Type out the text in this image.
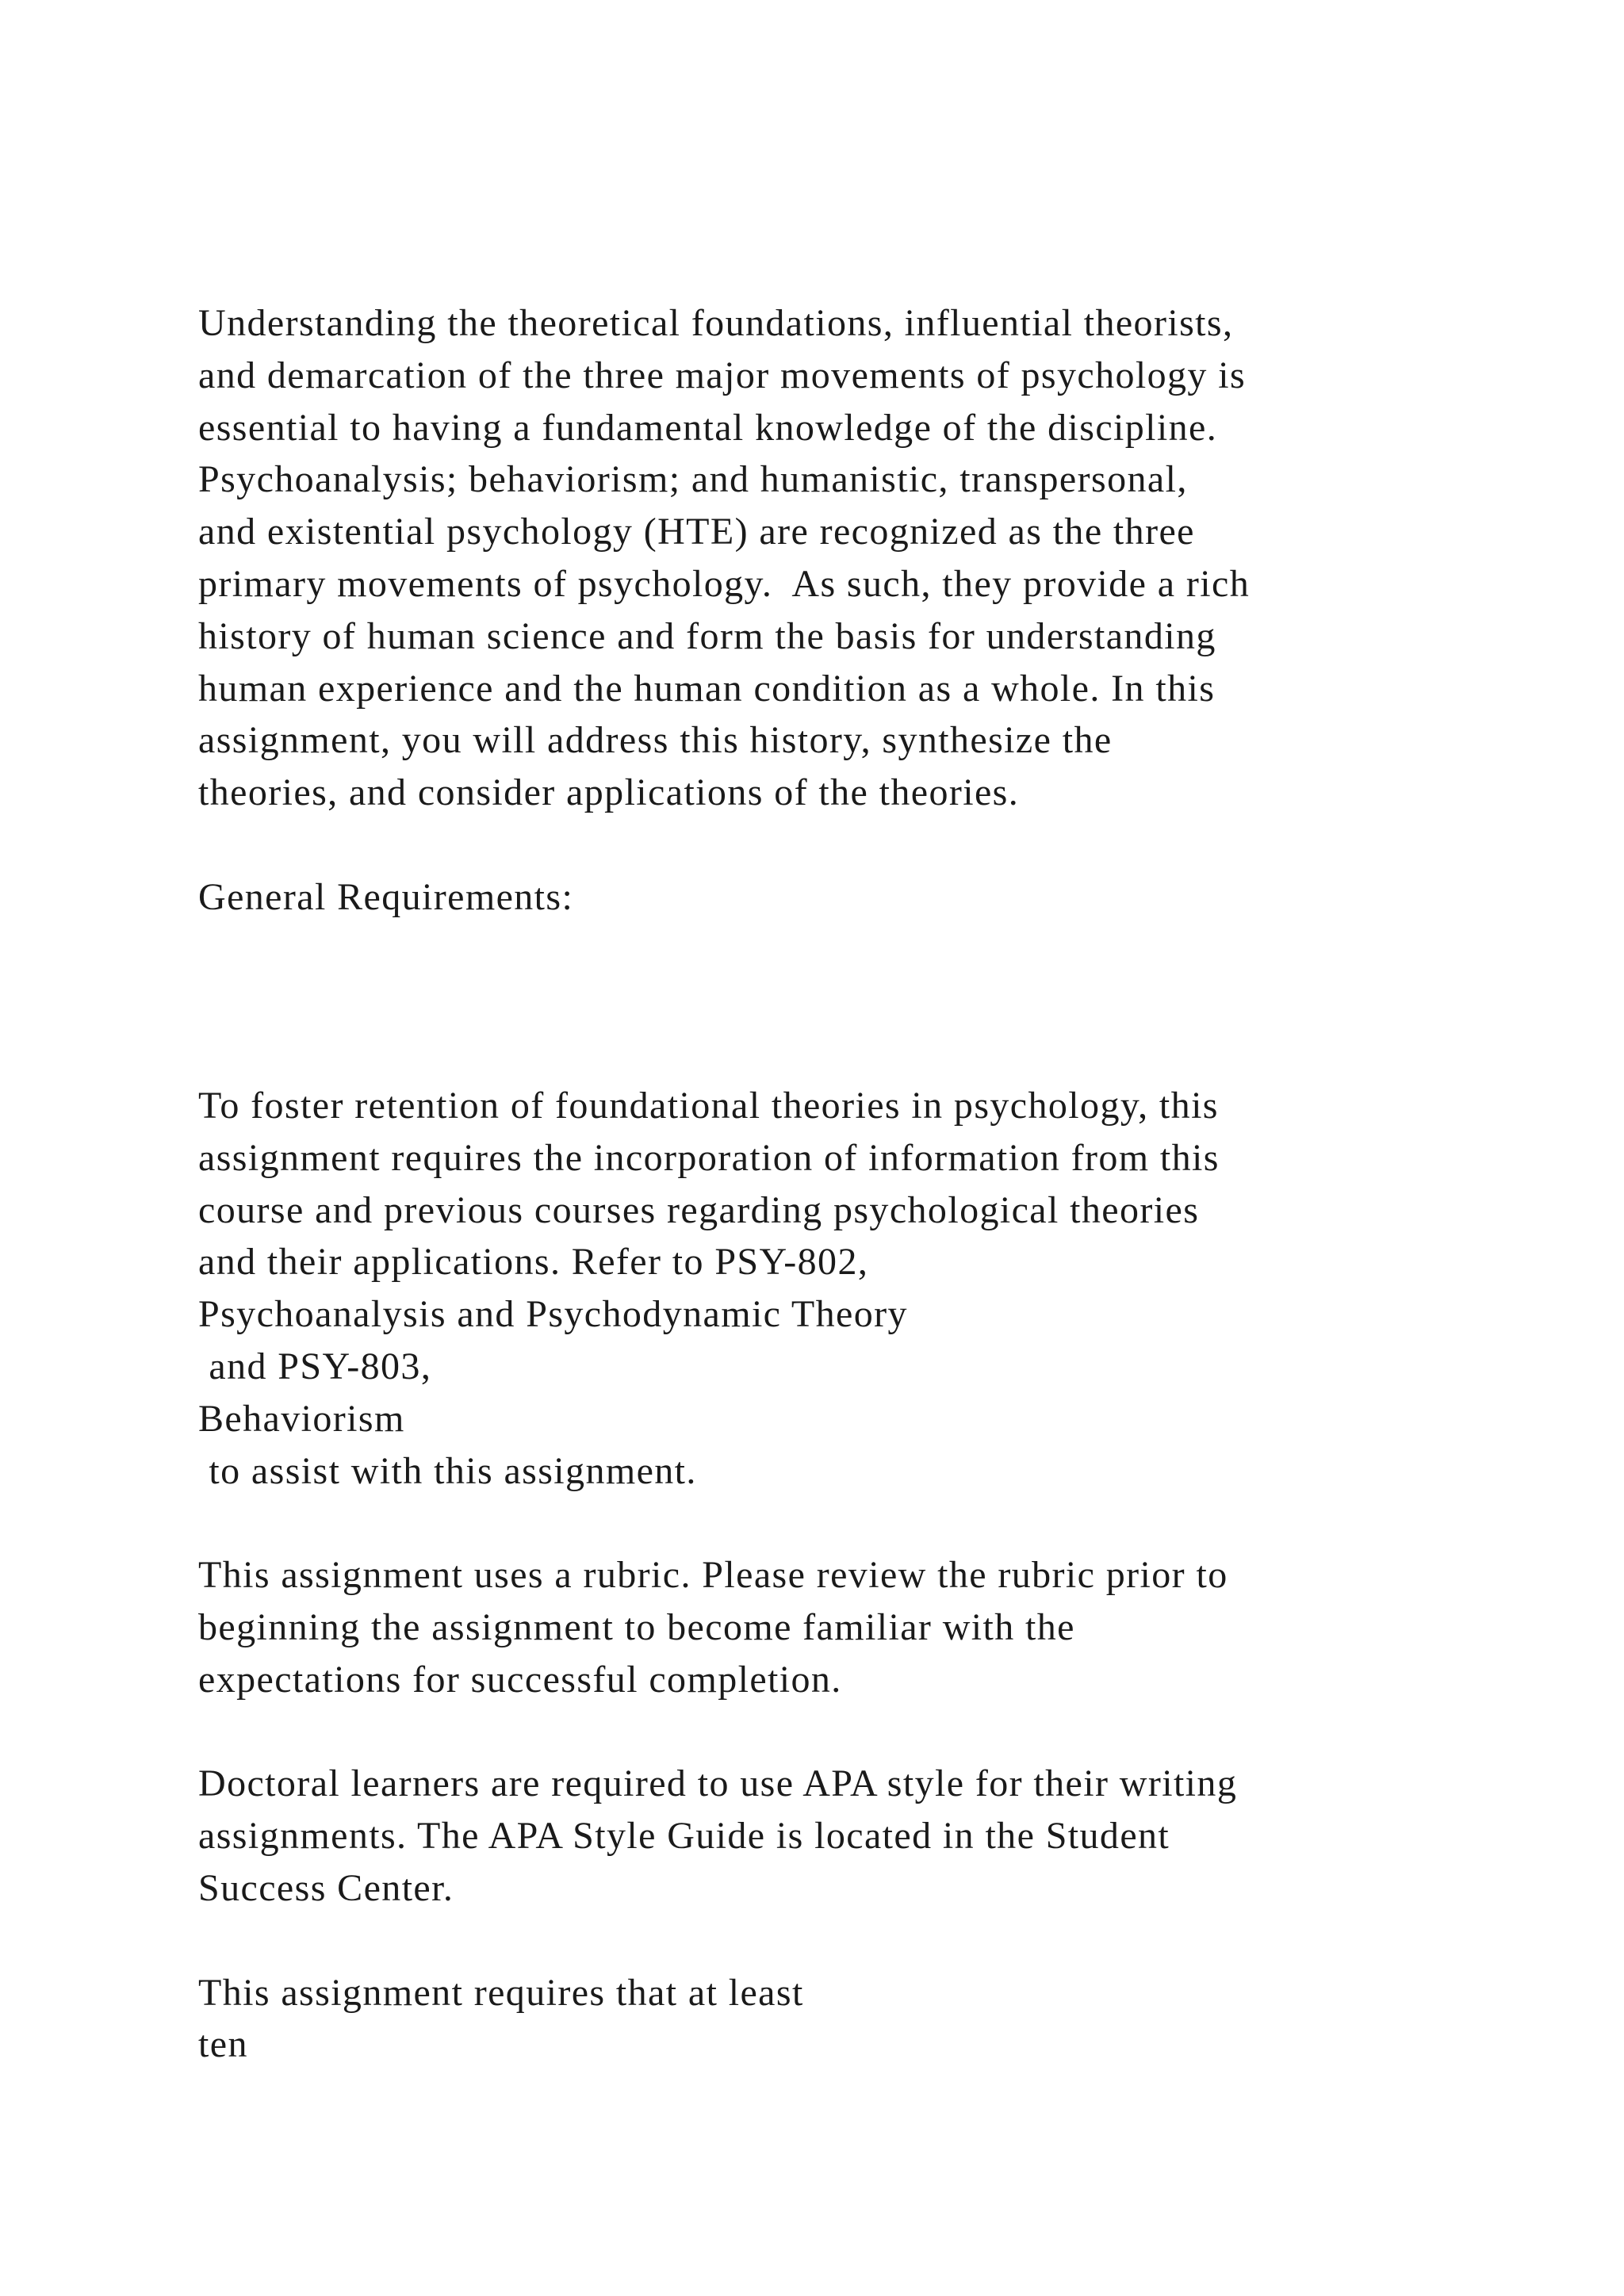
Understanding the theoretical foundations, influential theorists,
and demarcation of the three major movements of psychology is
essential to having a fundamental knowledge of the discipline.
Psychoanalysis; behaviorism; and humanistic, transpersonal,
and existential psychology (HTE) are recognized as the three
primary movements of psychology.  As such, they provide a rich
history of human science and form the basis for understanding
human experience and the human condition as a whole. In this
assignment, you will address this history, synthesize the
theories, and consider applications of the theories.
General Requirements:
To foster retention of foundational theories in psychology, this
assignment requires the incorporation of information from this
course and previous courses regarding psychological theories
and their applications. Refer to PSY-802,
Psychoanalysis and Psychodynamic Theory
and PSY-803,
Behaviorism
to assist with this assignment.
This assignment uses a rubric. Please review the rubric prior to
beginning the assignment to become familiar with the
expectations for successful completion.
Doctoral learners are required to use APA style for their writing
assignments. The APA Style Guide is located in the Student
Success Center.
This assignment requires that at least
ten
